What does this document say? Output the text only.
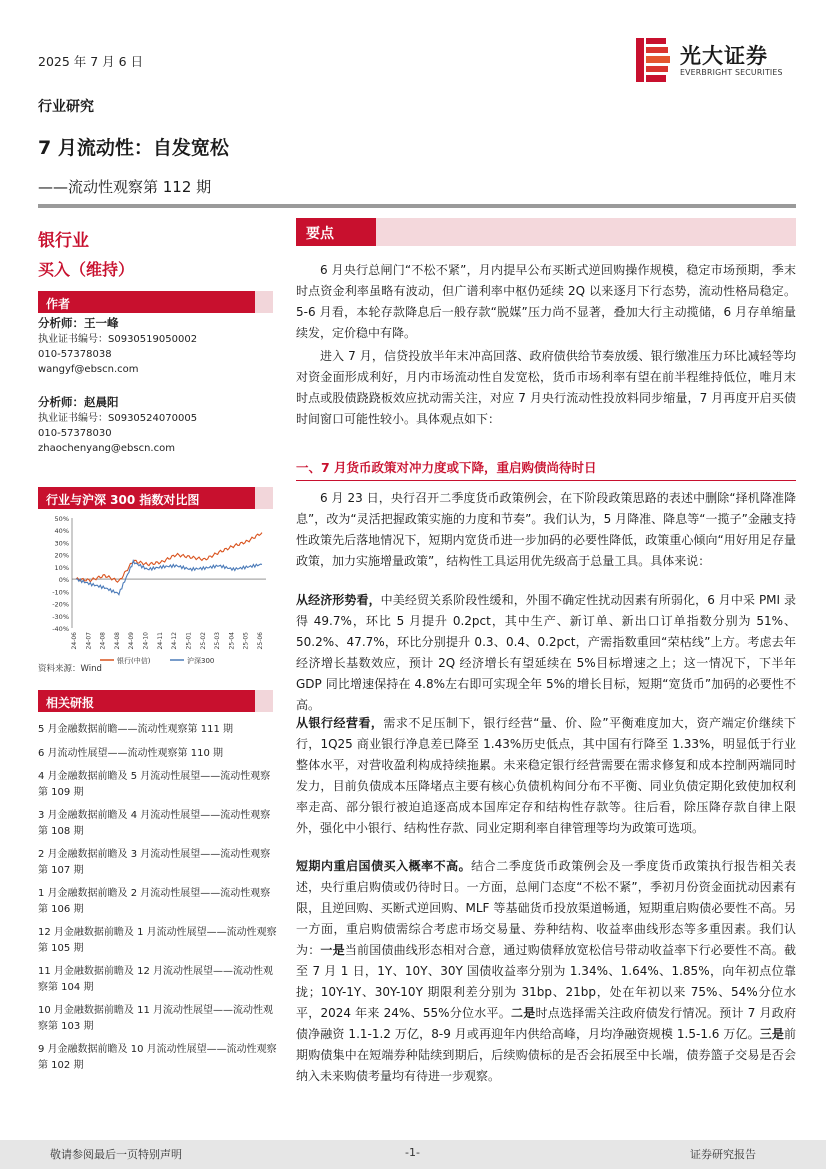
2025 年 7 月 6 日	光大证券
EVERBRIGHT SECURITIES
行业研究
7 月流动性：自发宽松
——流动性观察第 112 期
银行业
买入（维持）
作者
分析师：王一峰
执业证书编号：S0930519050002
010-57378038
wangyf@ebscn.com
分析师：赵晨阳
执业证书编号：S0930524070005
010-57378030
zhaochenyang@ebscn.com
行业与沪深 300 指数对比图
50%
40%
30%
20%
10%
0%
-10%
-20%
-30%
-40%
24-06 24-07 24-08 24-08 24-09 24-10 24-11 24-12 25-01 25-02 25-03 25-04 25-05 25-06
银行(中信)	沪深300
资料来源：Wind
相关研报
5 月金融数据前瞻——流动性观察第 111 期
6 月流动性展望——流动性观察第 110 期
4 月金融数据前瞻及 5 月流动性展望——流动性观察第 109 期
3 月金融数据前瞻及 4 月流动性展望——流动性观察第 108 期
2 月金融数据前瞻及 3 月流动性展望——流动性观察第 107 期
1 月金融数据前瞻及 2 月流动性展望——流动性观察第 106 期
12 月金融数据前瞻及 1 月流动性展望——流动性观察第 105 期
11 月金融数据前瞻及 12 月流动性展望——流动性观察第 104 期
10 月金融数据前瞻及 11 月流动性展望——流动性观察第 103 期
9 月金融数据前瞻及 10 月流动性展望——流动性观察第 102 期
要点
6 月央行总闸门“不松不紧”，月内提早公布买断式逆回购操作规模，稳定市场预期，季末时点资金利率虽略有波动，但广谱利率中枢仍延续 2Q 以来逐月下行态势，流动性格局稳定。5-6 月看，本轮存款降息后一般存款“脱媒”压力尚不显著，叠加大行主动揽储，6 月存单缩量续发，定价稳中有降。
进入 7 月，信贷投放半年末冲高回落、政府债供给节奏放缓、银行缴准压力环比减轻等均对资金面形成利好，月内市场流动性自发宽松，货币市场利率有望在前半程维持低位，唯月末时点或股债跷跷板效应扰动需关注，对应 7 月央行流动性投放料同步缩量，7 月再度开启买债时间窗口可能性较小。具体观点如下：
一、7 月货币政策对冲力度或下降，重启购债尚待时日
6 月 23 日，央行召开二季度货币政策例会，在下阶段政策思路的表述中删除“择机降准降息”，改为“灵活把握政策实施的力度和节奏”。我们认为，5 月降准、降息等“一揽子”金融支持性政策先后落地情况下，短期内宽货币进一步加码的必要性降低，政策重心倾向“用好用足存量政策，加力实施增量政策”，结构性工具运用优先级高于总量工具。具体来说：
从经济形势看，中美经贸关系阶段性缓和，外围不确定性扰动因素有所弱化，6 月中采 PMI 录得 49.7%，环比 5 月提升 0.2pct，其中生产、新订单、新出口订单指数分别为 51%、50.2%、47.7%，环比分别提升 0.3、0.4、0.2pct，产需指数重回“荣枯线”上方。考虑去年经济增长基数效应，预计 2Q 经济增长有望延续在 5%目标增速之上；这一情况下，下半年 GDP 同比增速保持在 4.8%左右即可实现全年 5%的增长目标，短期“宽货币”加码的必要性不高。
从银行经营看，需求不足压制下，银行经营“量、价、险”平衡难度加大，资产端定价继续下行，1Q25 商业银行净息差已降至 1.43%历史低点，其中国有行降至 1.33%，明显低于行业整体水平，对营收盈利构成持续拖累。未来稳定银行经营需要在需求修复和成本控制两端同时发力，目前负债成本压降堵点主要有核心负债机构间分布不平衡、同业负债定期化致使加权利率走高、部分银行被迫追逐高成本国库定存和结构性存款等。往后看，除压降存款自律上限外，强化中小银行、结构性存款、同业定期利率自律管理等均为政策可选项。
短期内重启国债买入概率不高。结合二季度货币政策例会及一季度货币政策执行报告相关表述，央行重启购债或仍待时日。一方面，总闸门态度“不松不紧”，季初月份资金面扰动因素有限，且逆回购、买断式逆回购、MLF 等基础货币投放渠道畅通，短期重启购债必要性不高。另一方面，重启购债需综合考虑市场交易量、券种结构、收益率曲线形态等多重因素。我们认为：一是当前国债曲线形态相对合意，通过购债释放宽松信号带动收益率下行必要性不高。截至 7 月 1 日，1Y、10Y、30Y 国债收益率分别为 1.34%、1.64%、1.85%，向年初点位靠拢；10Y-1Y、30Y-10Y 期限利差分别为 31bp、21bp，处在年初以来 75%、54%分位水平，2024 年来 24%、55%分位水平。二是时点选择需关注政府债发行情况。预计 7 月政府债净融资 1.1-1.2 万亿，8-9 月或再迎年内供给高峰，月均净融资规模 1.5-1.6 万亿。三是前期购债集中在短端券种陆续到期后，后续购债标的是否会拓展至中长端，债券篮子交易是否会纳入未来购债考量均有待进一步观察。
敬请参阅最后一页特别声明	-1-	证券研究报告
